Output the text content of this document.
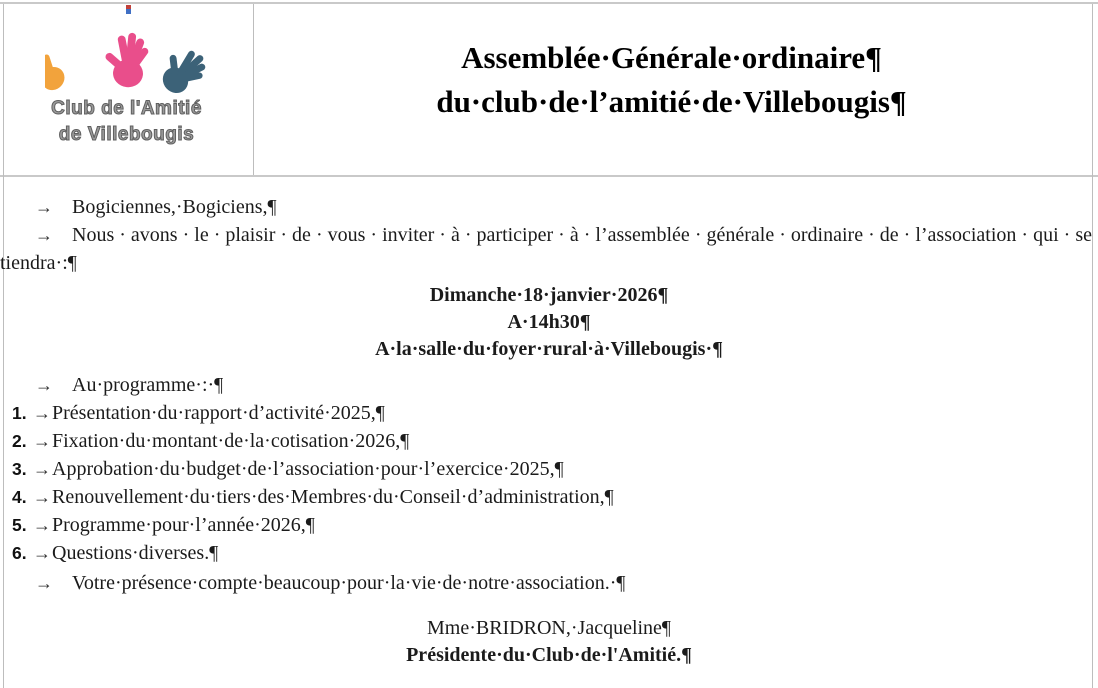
Club de l'Amitié
de Villebougis
Assemblée·Générale·ordinaire¶
du·club·de·l’amitié·de·Villebougis¶
→ Bogiciennes,·Bogiciens,¶
→ Nous · avons · le · plaisir · de · vous · inviter · à · participer · à · l’assemblée · générale · ordinaire · de · l’association · qui · se
tiendra·:¶
Dimanche·18·janvier·2026¶
A·14h30¶
A·la·salle·du·foyer·rural·à·Villebougis·¶
→ Au·programme·:·¶
1. → Présentation·du·rapport·d’activité·2025,¶
2. → Fixation·du·montant·de·la·cotisation·2026,¶
3. → Approbation·du·budget·de·l’association·pour·l’exercice·2025,¶
4. → Renouvellement·du·tiers·des·Membres·du·Conseil·d’administration,¶
5. → Programme·pour·l’année·2026,¶
6. → Questions·diverses.¶
→ Votre·présence·compte·beaucoup·pour·la·vie·de·notre·association.·¶
Mme·BRIDRON,·Jacqueline¶
Présidente·du·Club·de·l'Amitié.¶
